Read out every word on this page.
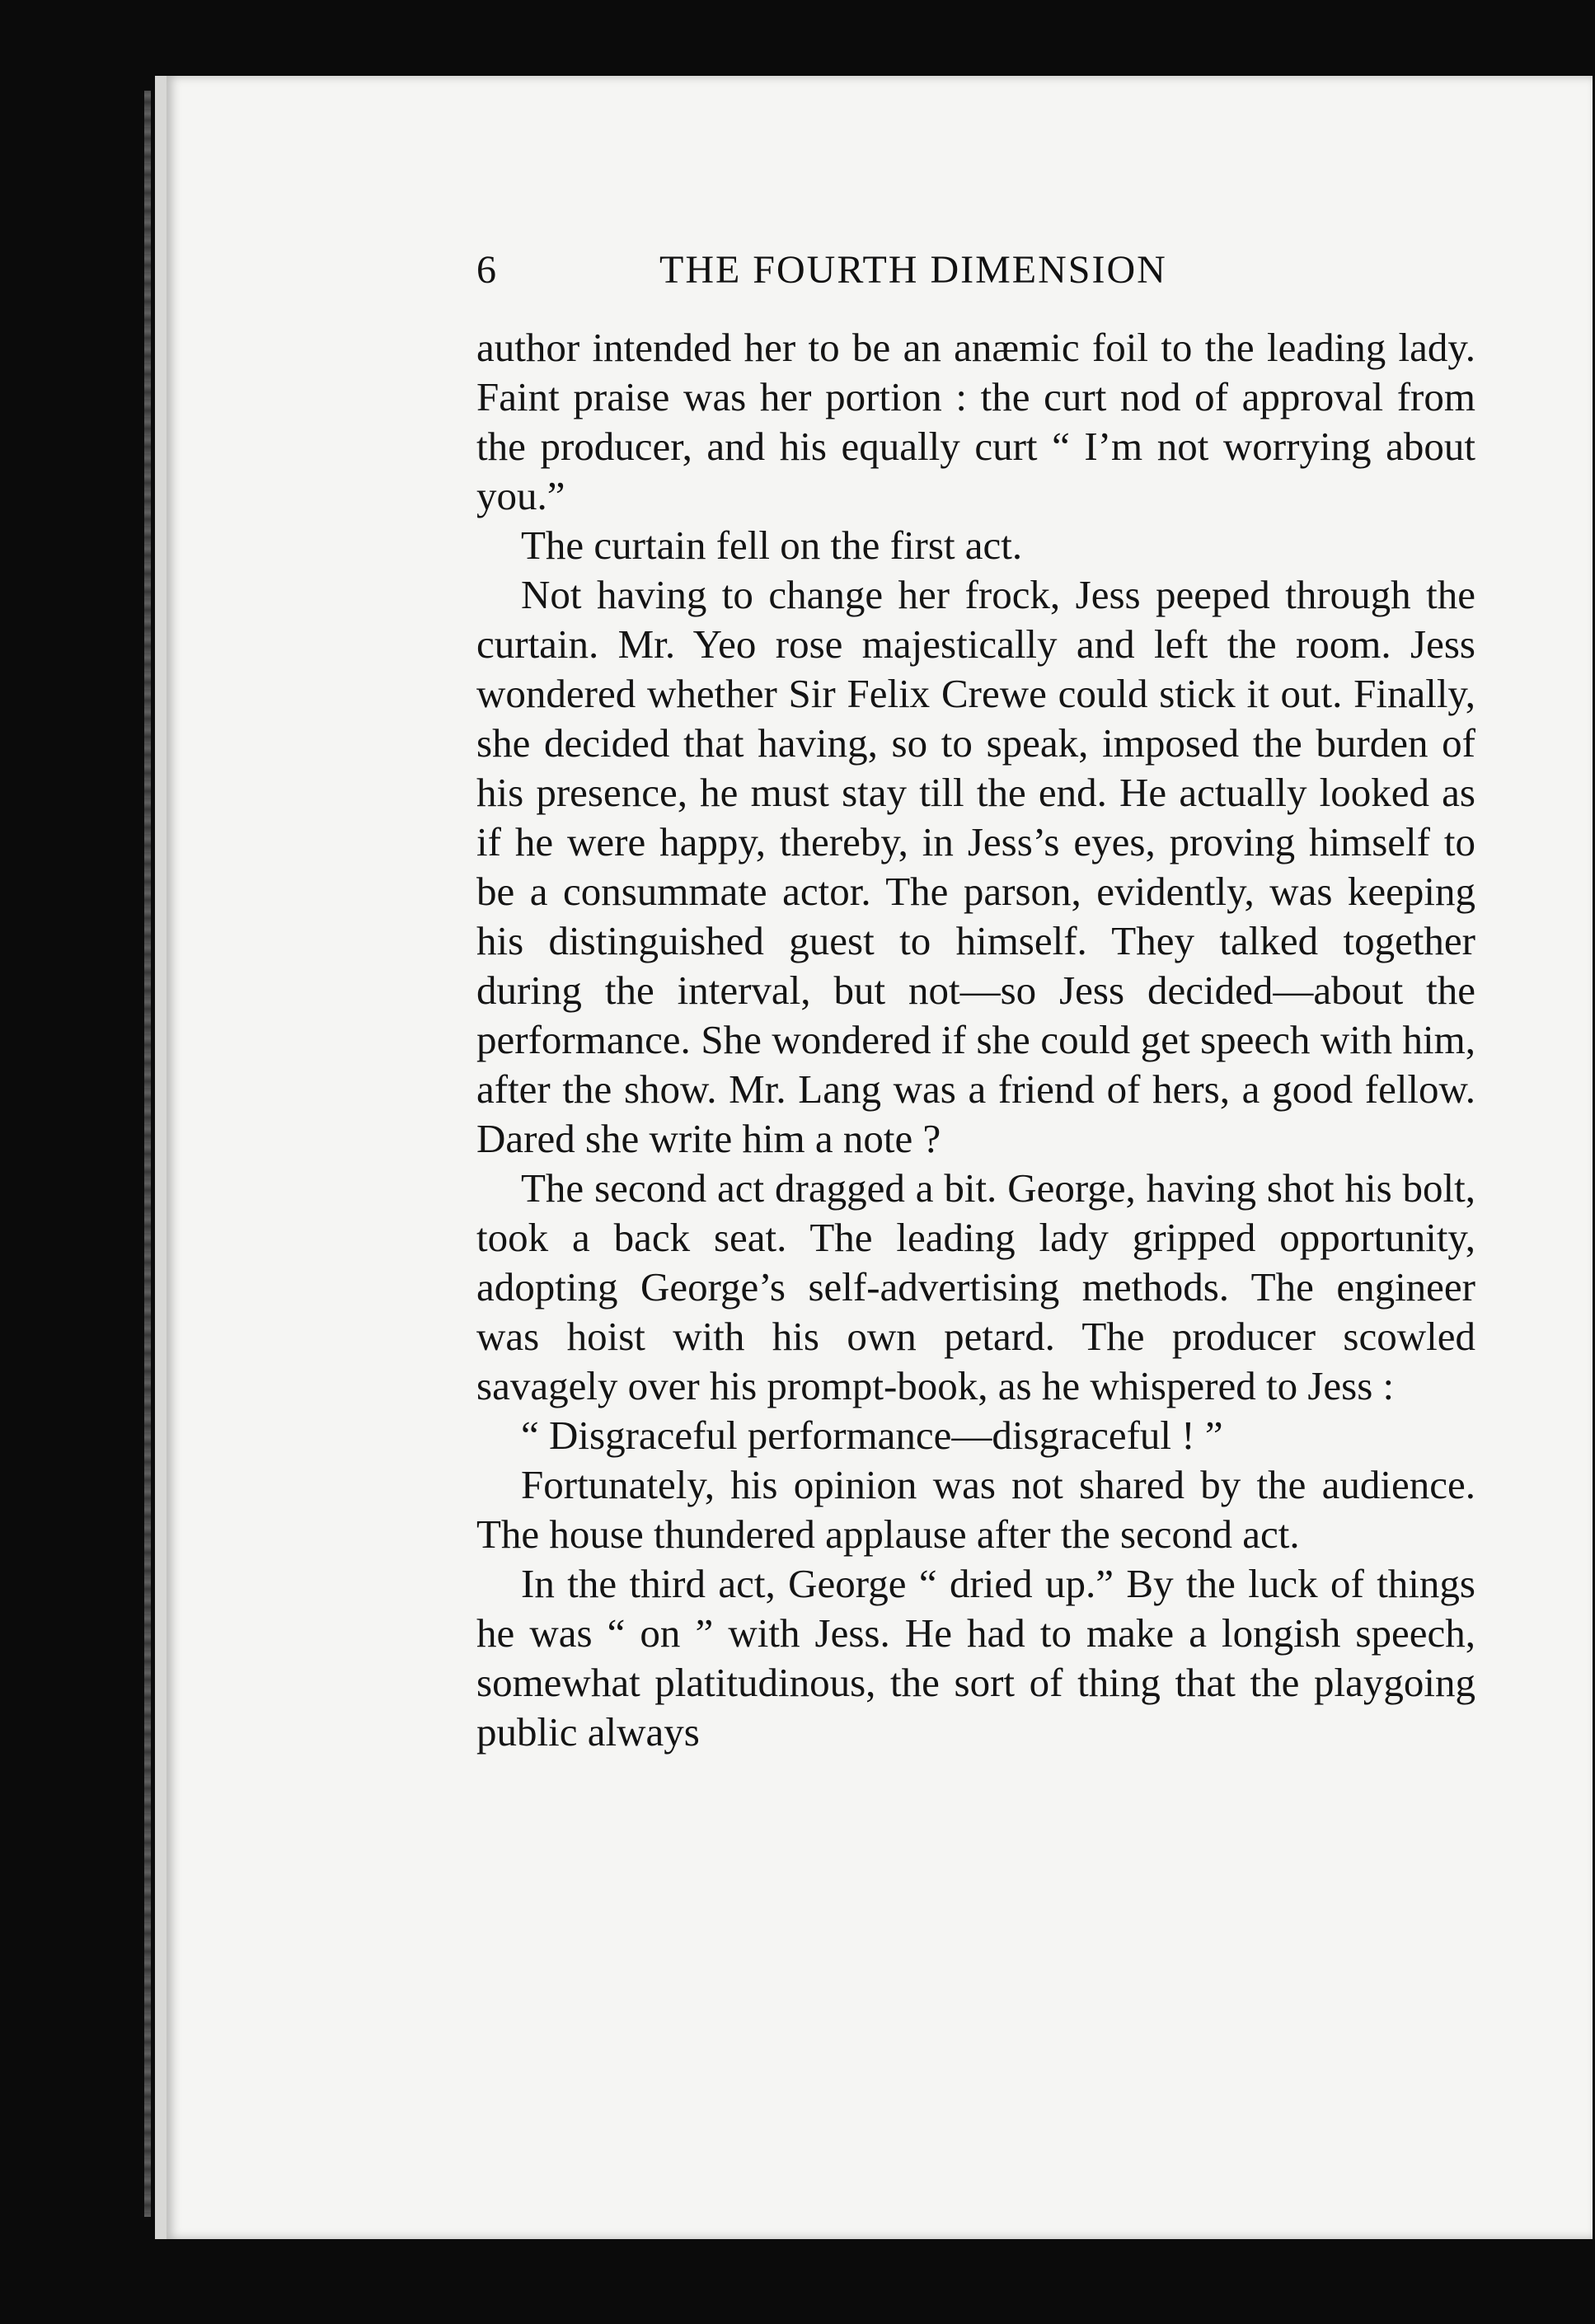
6	THE FOURTH DIMENSION

author intended her to be an anæmic foil to the leading lady. Faint praise was her portion : the curt nod of approval from the producer, and his equally curt “ I’m not worrying about you.”

The curtain fell on the first act.

Not having to change her frock, Jess peeped through the curtain. Mr. Yeo rose majestically and left the room. Jess wondered whether Sir Felix Crewe could stick it out. Finally, she decided that having, so to speak, imposed the burden of his presence, he must stay till the end. He actually looked as if he were happy, thereby, in Jess’s eyes, proving himself to be a consummate actor. The parson, evidently, was keeping his distinguished guest to himself. They talked together during the interval, but not—so Jess decided—about the performance. She wondered if she could get speech with him, after the show. Mr. Lang was a friend of hers, a good fellow. Dared she write him a note ?

The second act dragged a bit. George, having shot his bolt, took a back seat. The leading lady gripped opportunity, adopting George’s self-advertising methods. The engineer was hoist with his own petard. The producer scowled savagely over his prompt-book, as he whispered to Jess :

“ Disgraceful performance—disgraceful ! ”

Fortunately, his opinion was not shared by the audience. The house thundered applause after the second act.

In the third act, George “ dried up.” By the luck of things he was “ on ” with Jess. He had to make a longish speech, somewhat platitudinous, the sort of thing that the playgoing public always
